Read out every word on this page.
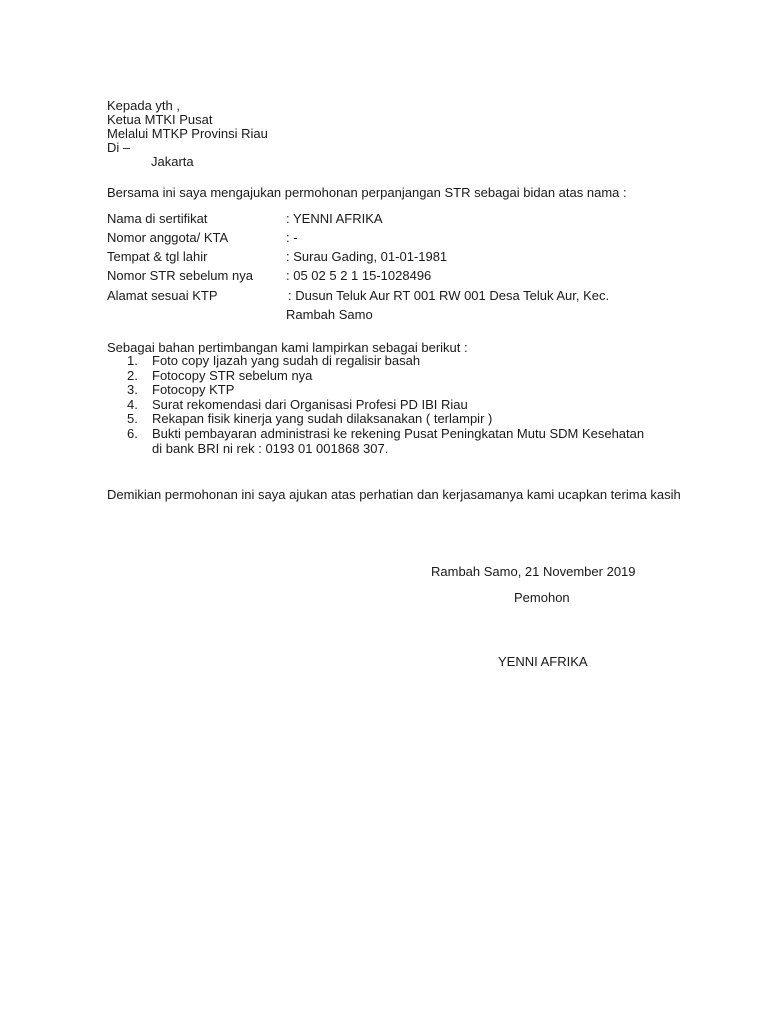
Kepada yth ,
Ketua MTKI Pusat
Melalui MTKP Provinsi Riau
Di –
Jakarta
Bersama ini saya mengajukan permohonan perpanjangan STR sebagai bidan atas nama :
Nama di sertifikat	: YENNI AFRIKA
Nomor anggota/ KTA	: -
Tempat & tgl lahir	: Surau Gading, 01-01-1981
Nomor STR sebelum nya	: 05 02 5 2 1 15-1028496
Alamat sesuai KTP	: Dusun Teluk Aur RT 001 RW 001 Desa Teluk Aur, Kec.
Rambah Samo
Sebagai bahan pertimbangan kami lampirkan sebagai berikut :
1.	Foto copy Ijazah yang sudah di regalisir basah
2.	Fotocopy STR sebelum nya
3.	Fotocopy KTP
4.	Surat rekomendasi dari Organisasi Profesi PD IBI Riau
5.	Rekapan fisik kinerja yang sudah dilaksanakan ( terlampir )
6.	Bukti pembayaran administrasi ke rekening Pusat Peningkatan Mutu SDM Kesehatan
di bank BRI ni rek : 0193 01 001868 307.
Demikian permohonan ini saya ajukan atas perhatian dan kerjasamanya kami ucapkan terima kasih
Rambah Samo, 21 November 2019
Pemohon
YENNI AFRIKA
